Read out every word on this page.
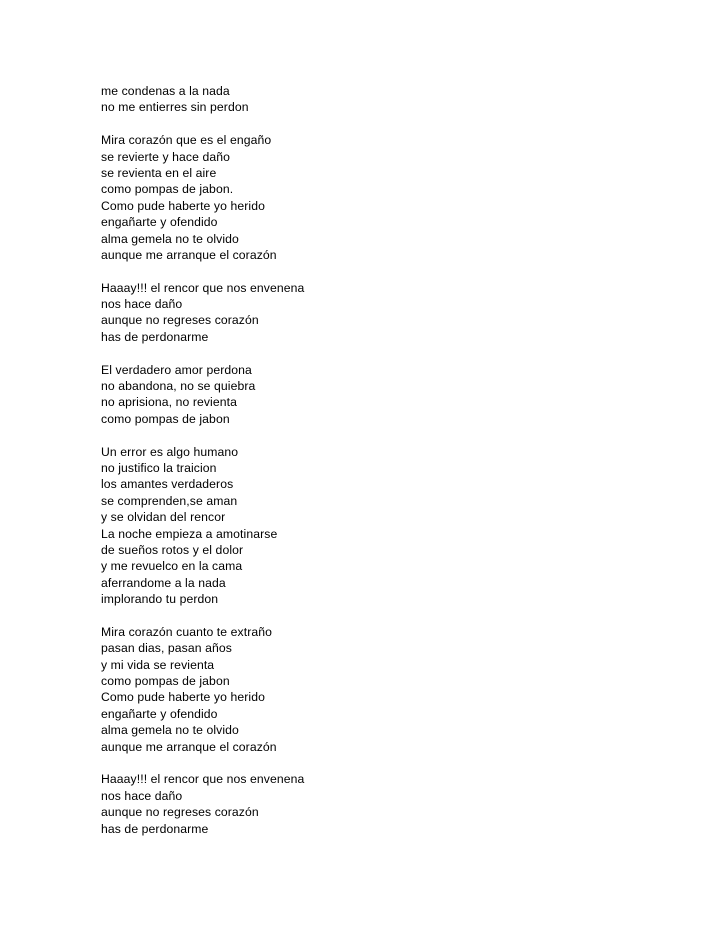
me condenas a la nada
no me entierres sin perdon
Mira corazón que es el engaño
se revierte y hace daño
se revienta en el aire
como pompas de jabon.
Como pude haberte yo herido
engañarte y ofendido
alma gemela no te olvido
aunque me arranque el corazón
Haaay!!! el rencor que nos envenena
nos hace daño
aunque no regreses corazón
has de perdonarme
El verdadero amor perdona
no abandona, no se quiebra
no aprisiona, no revienta
como pompas de jabon
Un error es algo humano
no justifico la traicion
los amantes verdaderos
se comprenden,se aman
y se olvidan del rencor
La noche empieza a amotinarse
de sueños rotos y el dolor
y me revuelco en la cama
aferrandome a la nada
implorando tu perdon
Mira corazón cuanto te extraño
pasan dias, pasan años
y mi vida se revienta
como pompas de jabon
Como pude haberte yo herido
engañarte y ofendido
alma gemela no te olvido
aunque me arranque el corazón
Haaay!!! el rencor que nos envenena
nos hace daño
aunque no regreses corazón
has de perdonarme
